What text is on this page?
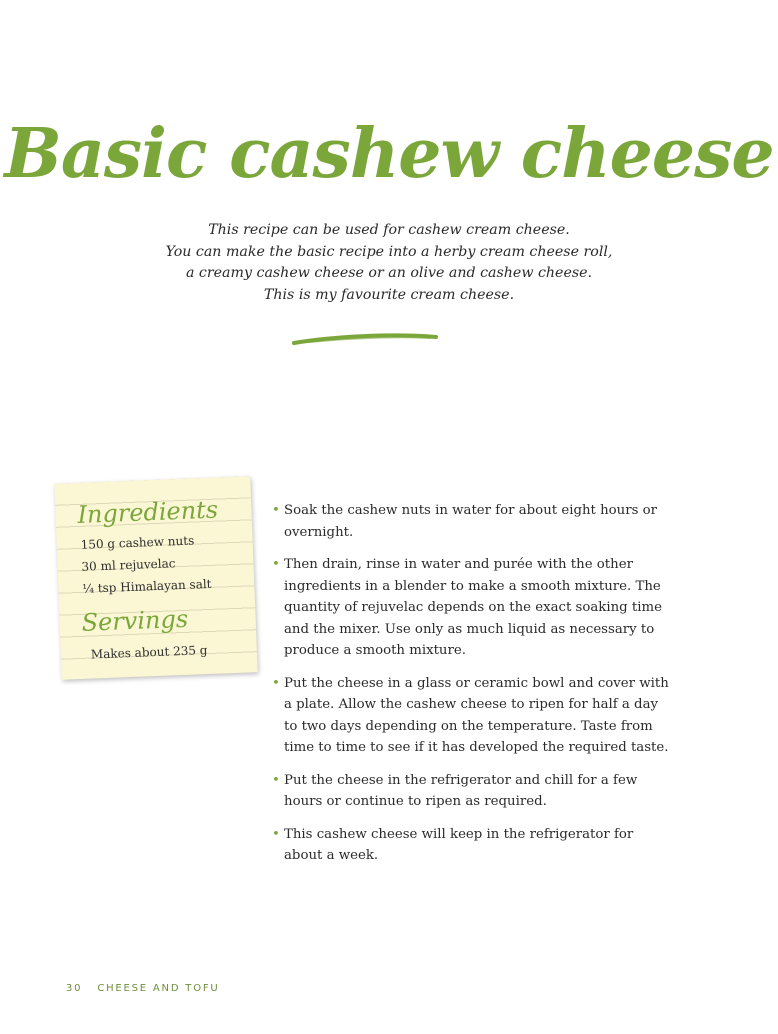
Basic cashew cheese
This recipe can be used for cashew cream cheese.
You can make the basic recipe into a herby cream cheese roll,
a creamy cashew cheese or an olive and cashew cheese.
This is my favourite cream cheese.
Ingredients
150 g cashew nuts
30 ml rejuvelac
¼ tsp Himalayan salt
Servings
Makes about 235 g
• Soak the cashew nuts in water for about eight hours or overnight.
• Then drain, rinse in water and purée with the other ingredients in a blender to make a smooth mixture. The quantity of rejuvelac depends on the exact soaking time and the mixer. Use only as much liquid as necessary to produce a smooth mixture.
• Put the cheese in a glass or ceramic bowl and cover with a plate. Allow the cashew cheese to ripen for half a day to two days depending on the temperature. Taste from time to time to see if it has developed the required taste.
• Put the cheese in the refrigerator and chill for a few hours or continue to ripen as required.
• This cashew cheese will keep in the refrigerator for about a week.
30 CHEESE AND TOFU
